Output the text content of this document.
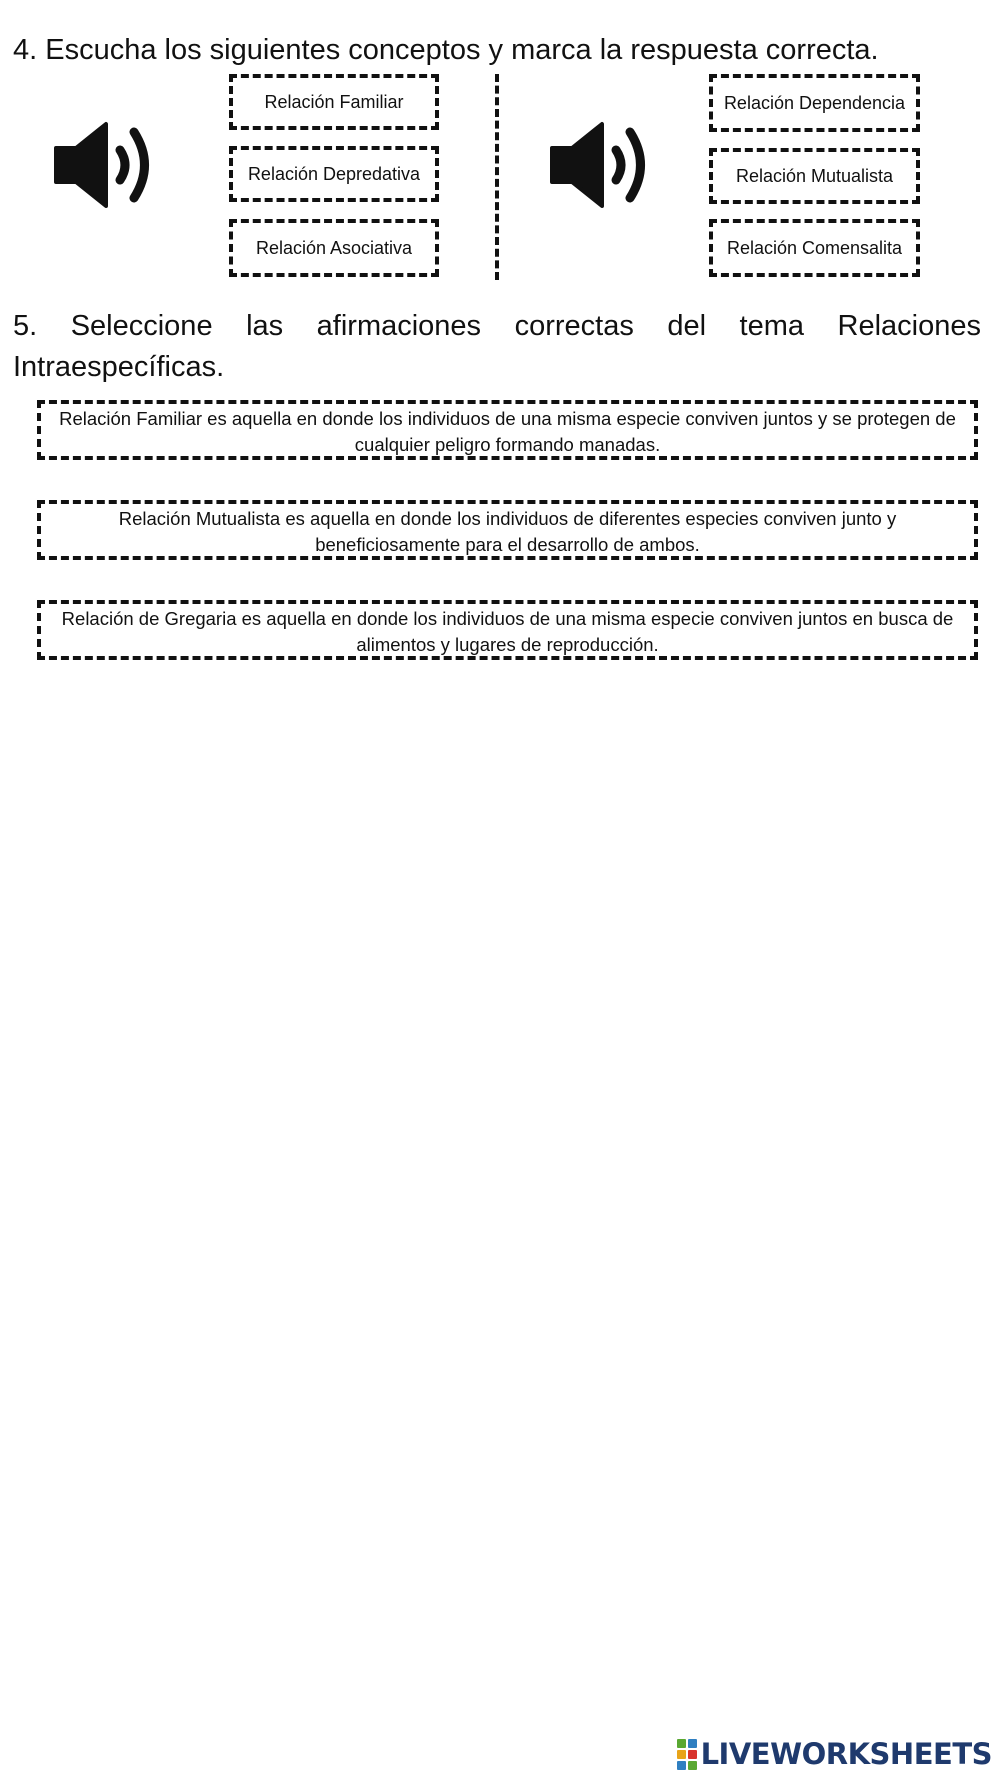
4. Escucha los siguientes conceptos y marca la respuesta correcta.
Relación Familiar
Relación Depredativa
Relación Asociativa
Relación Dependencia
Relación Mutualista
Relación Comensalita
5. Seleccione las afirmaciones correctas del tema Relaciones
Intraespecíficas.
Relación Familiar es aquella en donde los individuos de una misma especie conviven juntos y se protegen de cualquier peligro formando manadas.
Relación Mutualista es aquella en donde los individuos de diferentes especies conviven junto y beneficiosamente para el desarrollo de ambos.
Relación de Gregaria es aquella en donde los individuos de una misma especie conviven juntos en busca de alimentos y lugares de reproducción.
LIVEWORKSHEETS
